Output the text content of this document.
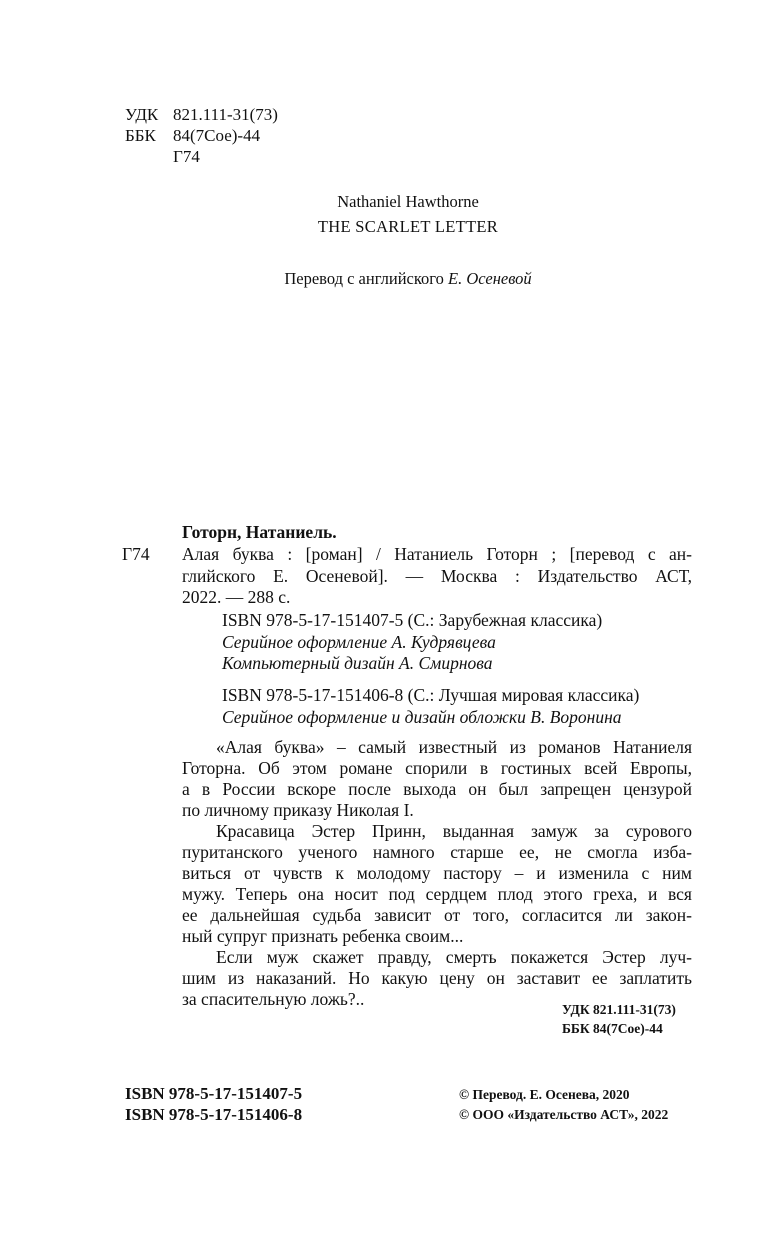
УДК 821.111-31(73)
ББК	84(7Сое)-44
Г74
Nathaniel Hawthorne
THE SCARLET LETTER
Перевод с английского Е. Осеневой
Готорн, Натаниель.
Г74 Алая буква : [роман] / Натаниель Готорн ; [перевод с ан-
глийского Е. Осеневой]. — Москва : Издательство АСТ,
2022. — 288 с.
ISBN 978-5-17-151407-5 (С.: Зарубежная классика)
Серийное оформление А. Кудрявцева
Компьютерный дизайн А. Смирнова
ISBN 978-5-17-151406-8 (С.: Лучшая мировая классика)
Серийное оформление и дизайн обложки В. Воронина
«Алая буква» – самый известный из романов Натаниеля
Готорна. Об этом романе спорили в гостиных всей Европы,
а в России вскоре после выхода он был запрещен цензурой
по личному приказу Николая I.
Красавица Эстер Принн, выданная замуж за сурового
пуританского ученого намного старше ее, не смогла изба-
виться от чувств к молодому пастору – и изменила с ним
мужу. Теперь она носит под сердцем плод этого греха, и вся
ее дальнейшая судьба зависит от того, согласится ли закон-
ный супруг признать ребенка своим...
Если муж скажет правду, смерть покажется Эстер луч-
шим из наказаний. Но какую цену он заставит ее заплатить
за спасительную ложь?..
УДК 821.111-31(73)
ББК 84(7Сое)-44
ISBN 978-5-17-151407-5
ISBN 978-5-17-151406-8
© Перевод. Е. Осенева, 2020
© ООО «Издательство АСТ», 2022
